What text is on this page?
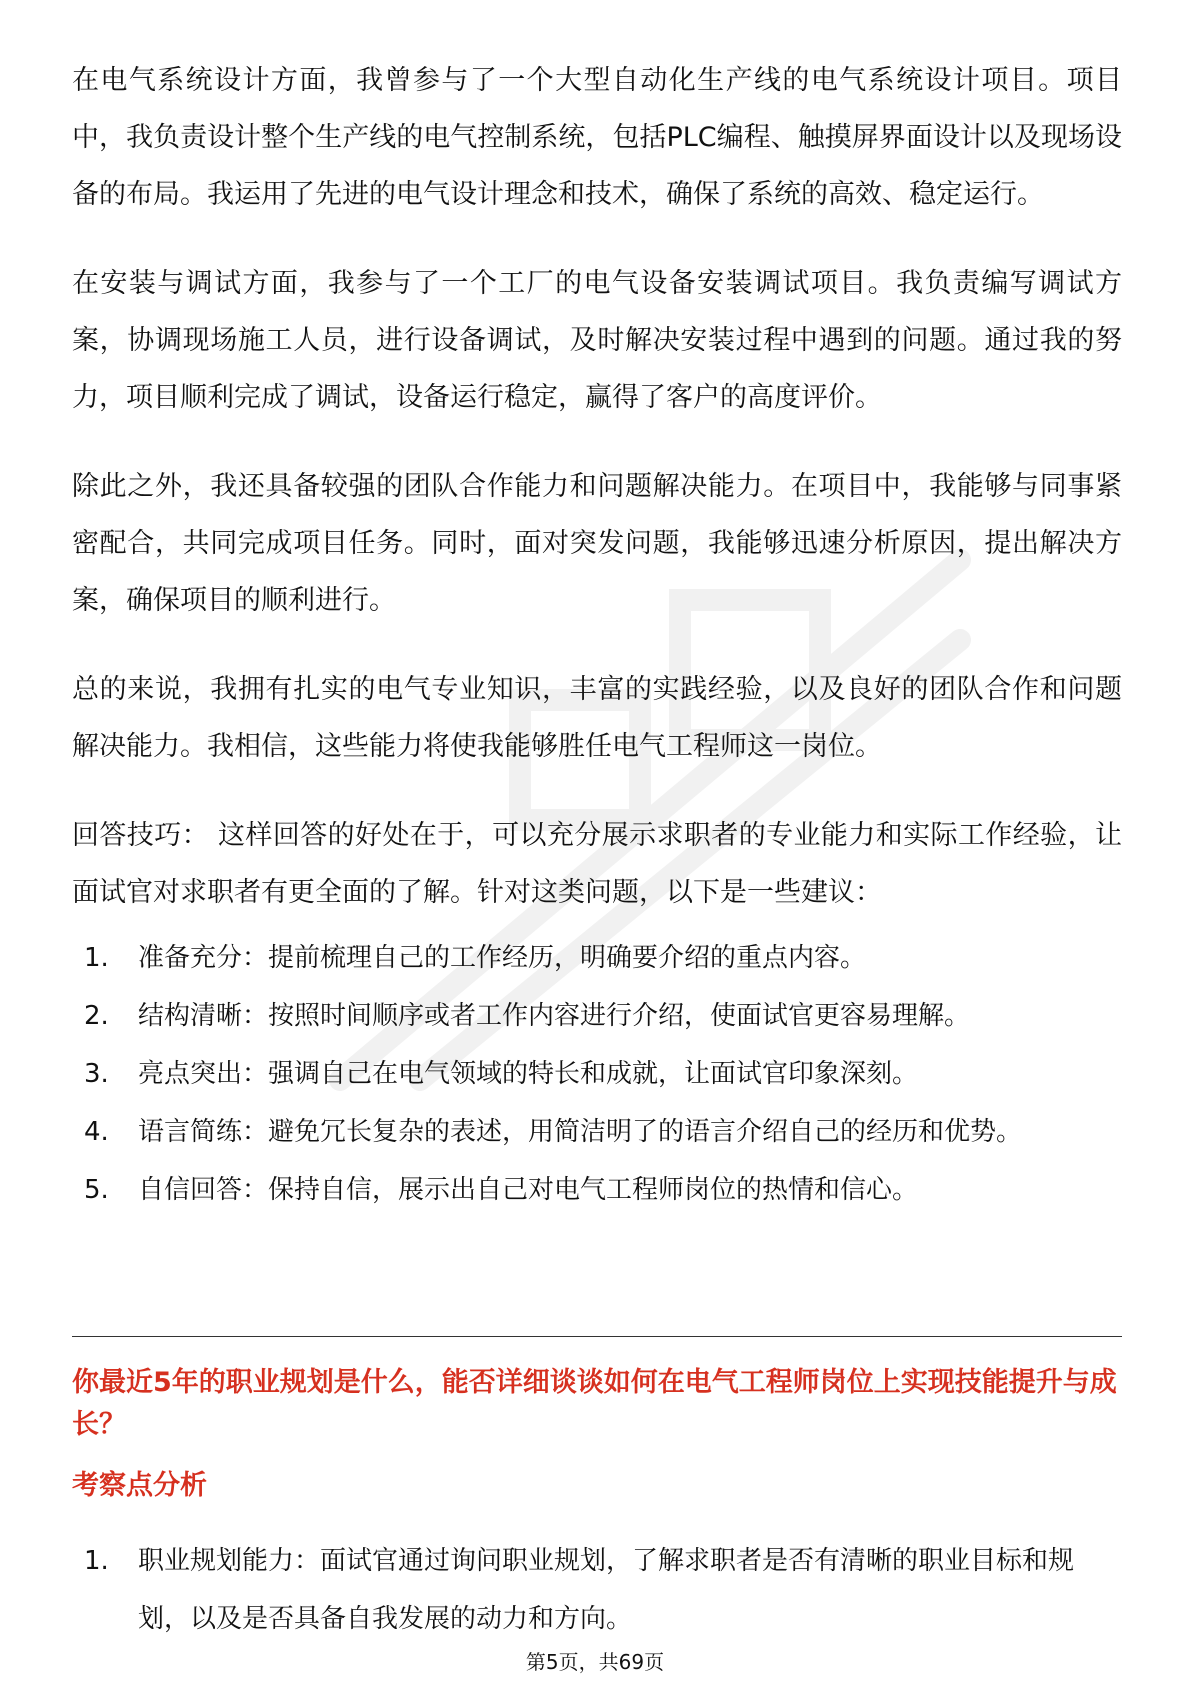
在电气系统设计方面，我曾参与了一个大型自动化生产线的电气系统设计项目。项目中，我负责设计整个生产线的电气控制系统，包括PLC编程、触摸屏界面设计以及现场设备的布局。我运用了先进的电气设计理念和技术，确保了系统的高效、稳定运行。

在安装与调试方面，我参与了一个工厂的电气设备安装调试项目。我负责编写调试方案，协调现场施工人员，进行设备调试，及时解决安装过程中遇到的问题。通过我的努力，项目顺利完成了调试，设备运行稳定，赢得了客户的高度评价。

除此之外，我还具备较强的团队合作能力和问题解决能力。在项目中，我能够与同事紧密配合，共同完成项目任务。同时，面对突发问题，我能够迅速分析原因，提出解决方案，确保项目的顺利进行。

总的来说，我拥有扎实的电气专业知识，丰富的实践经验，以及良好的团队合作和问题解决能力。我相信，这些能力将使我能够胜任电气工程师这一岗位。

回答技巧： 这样回答的好处在于，可以充分展示求职者的专业能力和实际工作经验，让面试官对求职者有更全面的了解。针对这类问题，以下是一些建议：

1.	准备充分：提前梳理自己的工作经历，明确要介绍的重点内容。
2.	结构清晰：按照时间顺序或者工作内容进行介绍，使面试官更容易理解。
3.	亮点突出：强调自己在电气领域的特长和成就，让面试官印象深刻。
4.	语言简练：避免冗长复杂的表述，用简洁明了的语言介绍自己的经历和优势。
5.	自信回答：保持自信，展示出自己对电气工程师岗位的热情和信心。
你最近5年的职业规划是什么，能否详细谈谈如何在电气工程师岗位上实现技能提升与成长？
考察点分析
1.	职业规划能力：面试官通过询问职业规划，了解求职者是否有清晰的职业目标和规划，以及是否具备自我发展的动力和方向。
第5页，共69页
